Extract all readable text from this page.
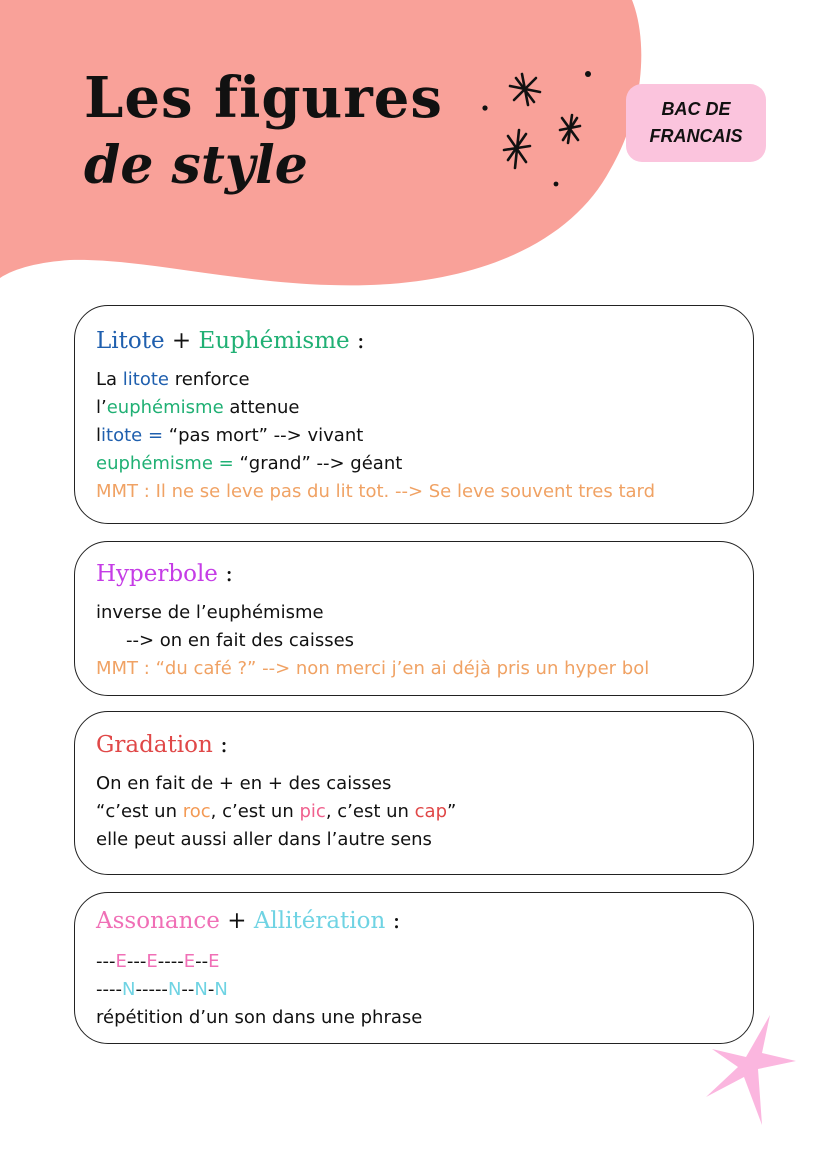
Les figures
de style
BAC DE
FRANCAIS
Litote + Euphémisme :
La litote renforce
l’euphémisme attenue
litote = “pas mort” --> vivant
euphémisme = “grand” --> géant
MMT : Il ne se leve pas du lit tot. --> Se leve souvent tres tard
Hyperbole :
inverse de l’euphémisme
--> on en fait des caisses
MMT : “du café ?” --> non merci j’en ai déjà pris un hyper bol
Gradation :
On en fait de + en + des caisses
“c’est un roc, c’est un pic, c’est un cap”
elle peut aussi aller dans l’autre sens
Assonance + Allitération :
---E---E----E--E
----N-----N--N-N
répétition d’un son dans une phrase
